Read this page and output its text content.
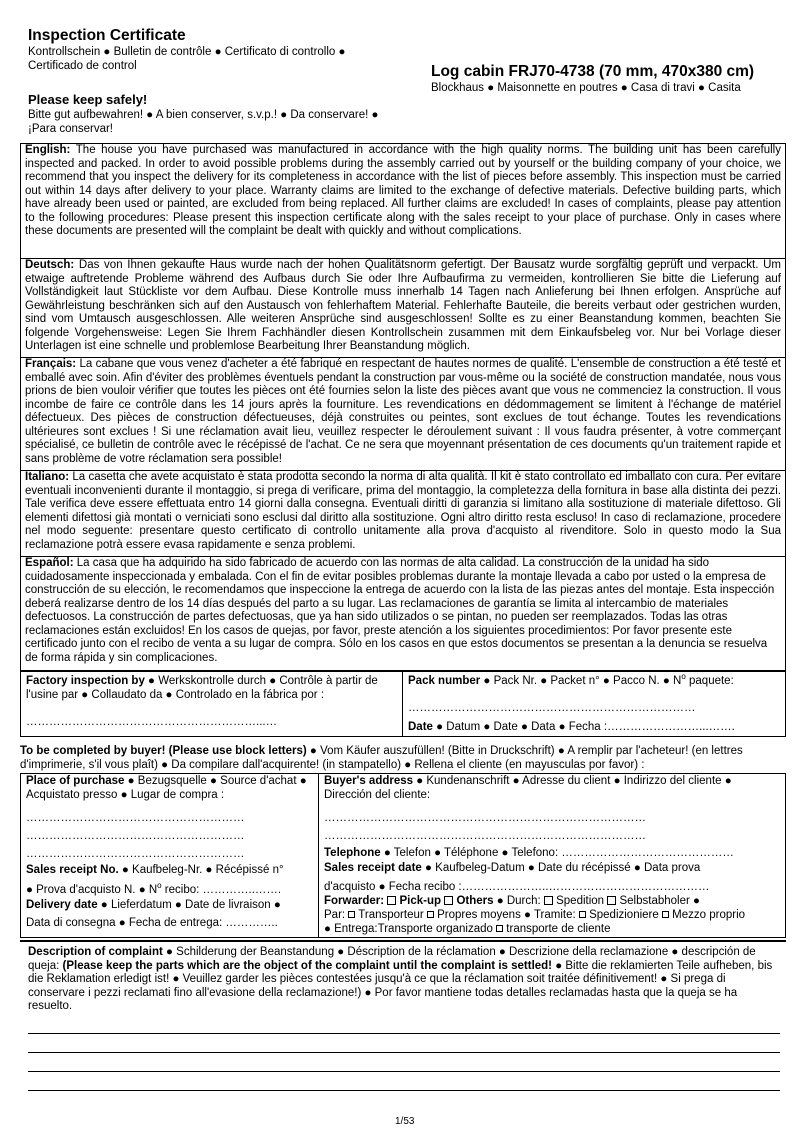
Inspection Certificate
Kontrollschein ● Bulletin de contrôle ● Certificato di controllo ●
Certificado de control
Please keep safely!
Bitte gut aufbewahren! ● A bien conserver, s.v.p.! ● Da conservare! ●
¡Para conservar!
Log cabin FRJ70-4738 (70 mm, 470x380 cm)
Blockhaus ● Maisonnette en poutres ● Casa di travi ● Casita
English: The house you have purchased was manufactured in accordance with the high quality norms. The building unit has been carefully inspected and packed. In order to avoid possible problems during the assembly carried out by yourself or the building company of your choice, we recommend that you inspect the delivery for its completeness in accordance with the list of pieces before assembly. This inspection must be carried out within 14 days after delivery to your place. Warranty claims are limited to the exchange of defective materials. Defective building parts, which have already been used or painted, are excluded from being replaced. All further claims are excluded! In cases of complaints, please pay attention to the following procedures: Please present this inspection certificate along with the sales receipt to your place of purchase. Only in cases where these documents are presented will the complaint be dealt with quickly and without complications.
Deutsch: Das von Ihnen gekaufte Haus wurde nach der hohen Qualitätsnorm gefertigt. Der Bausatz wurde sorgfältig geprüft und verpackt. Um etwaige auftretende Probleme während des Aufbaus durch Sie oder Ihre Aufbaufirma zu vermeiden, kontrollieren Sie bitte die Lieferung auf Vollständigkeit laut Stückliste vor dem Aufbau. Diese Kontrolle muss innerhalb 14 Tagen nach Anlieferung bei Ihnen erfolgen. Ansprüche auf Gewährleistung beschränken sich auf den Austausch von fehlerhaftem Material. Fehlerhafte Bauteile, die bereits verbaut oder gestrichen wurden, sind vom Umtausch ausgeschlossen. Alle weiteren Ansprüche sind ausgeschlossen! Sollte es zu einer Beanstandung kommen, beachten Sie folgende Vorgehensweise: Legen Sie Ihrem Fachhändler diesen Kontrollschein zusammen mit dem Einkaufsbeleg vor. Nur bei Vorlage dieser Unterlagen ist eine schnelle und problemlose Bearbeitung Ihrer Beanstandung möglich.
Français: La cabane que vous venez d'acheter a été fabriqué en respectant de hautes normes de qualité. L'ensemble de construction a été testé et emballé avec soin. Afin d'éviter des problèmes éventuels pendant la construction par vous-même ou la société de construction mandatée, nous vous prions de bien vouloir vérifier que toutes les pièces ont été fournies selon la liste des pièces avant que vous ne commenciez la construction. Il vous incombe de faire ce contrôle dans les 14 jours après la fourniture. Les revendications en dédommagement se limitent à l'échange de matériel défectueux. Des pièces de construction défectueuses, déjà construites ou peintes, sont exclues de tout échange. Toutes les revendications ultérieures sont exclues ! Si une réclamation avait lieu, veuillez respecter le déroulement suivant : Il vous faudra présenter, à votre commerçant spécialisé, ce bulletin de contrôle avec le récépissé de l'achat. Ce ne sera que moyennant présentation de ces documents qu'un traitement rapide et sans problème de votre réclamation sera possible!
Italiano: La casetta che avete acquistato è stata prodotta secondo la norma di alta qualità. Il kit è stato controllato ed imballato con cura. Per evitare eventuali inconvenienti durante il montaggio, si prega di verificare, prima del montaggio, la completezza della fornitura in base alla distinta dei pezzi. Tale verifica deve essere effettuata entro 14 giorni dalla consegna. Eventuali diritti di garanzia si limitano alla sostituzione di materiale difettoso. Gli elementi difettosi già montati o verniciati sono esclusi dal diritto alla sostituzione. Ogni altro diritto resta escluso! In caso di reclamazione, procedere nel modo seguente: presentare questo certificato di controllo unitamente alla prova d'acquisto al rivenditore. Solo in questo modo la Sua reclamazione potrà essere evasa rapidamente e senza problemi.
Español: La casa que ha adquirido ha sido fabricado de acuerdo con las normas de alta calidad. La construcción de la unidad ha sido cuidadosamente inspeccionada y embalada. Con el fin de evitar posibles problemas durante la montaje llevada a cabo por usted o la empresa de construcción de su elección, le recomendamos que inspeccione la entrega de acuerdo con la lista de las piezas antes del montaje. Esta inspección deberá realizarse dentro de los 14 días después del parto a su lugar. Las reclamaciones de garantía se limita al intercambio de materiales defectuosos. La construcción de partes defectuosas, que ya han sido utilizados o se pintan, no pueden ser reemplazados. Todas las otras reclamaciones están excluidos! En los casos de quejas, por favor, preste atención a los siguientes procedimientos: Por favor presente este certificado junto con el recibo de venta a su lugar de compra. Sólo en los casos en que estos documentos se presentan a la denuncia se resuelva de forma rápida y sin complicaciones.
Factory inspection by ● Werkskontrolle durch ● Contrôle à partir de l'usine par ● Collaudato da ● Controlado en la fábrica por :
……………………………………………………...…
Pack number ● Pack Nr. ● Packet n° ● Pacco N. ● $N^o$ paquete:
…………………………………………………………………
Date ● Datum ● Date ● Data ● Fecha :……………………...…….
To be completed by buyer! (Please use block letters) ● Vom Käufer auszufüllen! (Bitte in Druckschrift) ● A remplir par l'acheteur! (en lettres d'imprimerie, s'il vous plaît) ● Da compilare dall'acquirente! (in stampatello) ● Rellena el cliente (en mayusculas por favor) :
Place of purchase ● Bezugsquelle ● Source d'achat ● Acquistato presso ● Lugar de compra :
…………………………………………………
…………………………………………………
…………………………………………………
Sales receipt No. ● Kaufbeleg-Nr. ● Récépissé n°
● Prova d'acquisto N. ● $N^o$ recibo: …………..…….
Delivery date ● Lieferdatum ● Date de livraison ●
Data di consegna ● Fecha de entrega: …………..
Buyer's address ● Kundenanschrift ● Adresse du client ● Indirizzo del cliente ● Dirección del cliente:
…………………………………………………………………………
…………………………………………………………………………
Telephone ● Telefon ● Téléphone ● Telefono: ………………………………………
Sales receipt date ● Kaufbeleg-Datum ● Date du récépissé ● Data prova
d'acquisto ● Fecha recibo :…………………..……………………………………
Forwarder: Pick-up Others ● Durch:  Spedition  Selbstabholer ●
Par:  Transporteur  Propres moyens ● Tramite:  Spedizioniere  Mezzo proprio
● Entrega:Transporte organizado  transporte de cliente
Description of complaint ● Schilderung der Beanstandung ● Déscription de la réclamation ● Descrizione della reclamazione ● descripción de queja: (Please keep the parts which are the object of the complaint until the complaint is settled! ● Bitte die reklamierten Teile aufheben, bis die Reklamation erledigt ist! ● Veuillez garder les pièces contestées jusqu'à ce que la réclamation soit traitée définitivement! ● Si prega di conservare i pezzi reclamati fino all'evasione della reclamazione!) ● Por favor mantiene todas detalles reclamadas hasta que la queja se ha resuelto.
1/53
